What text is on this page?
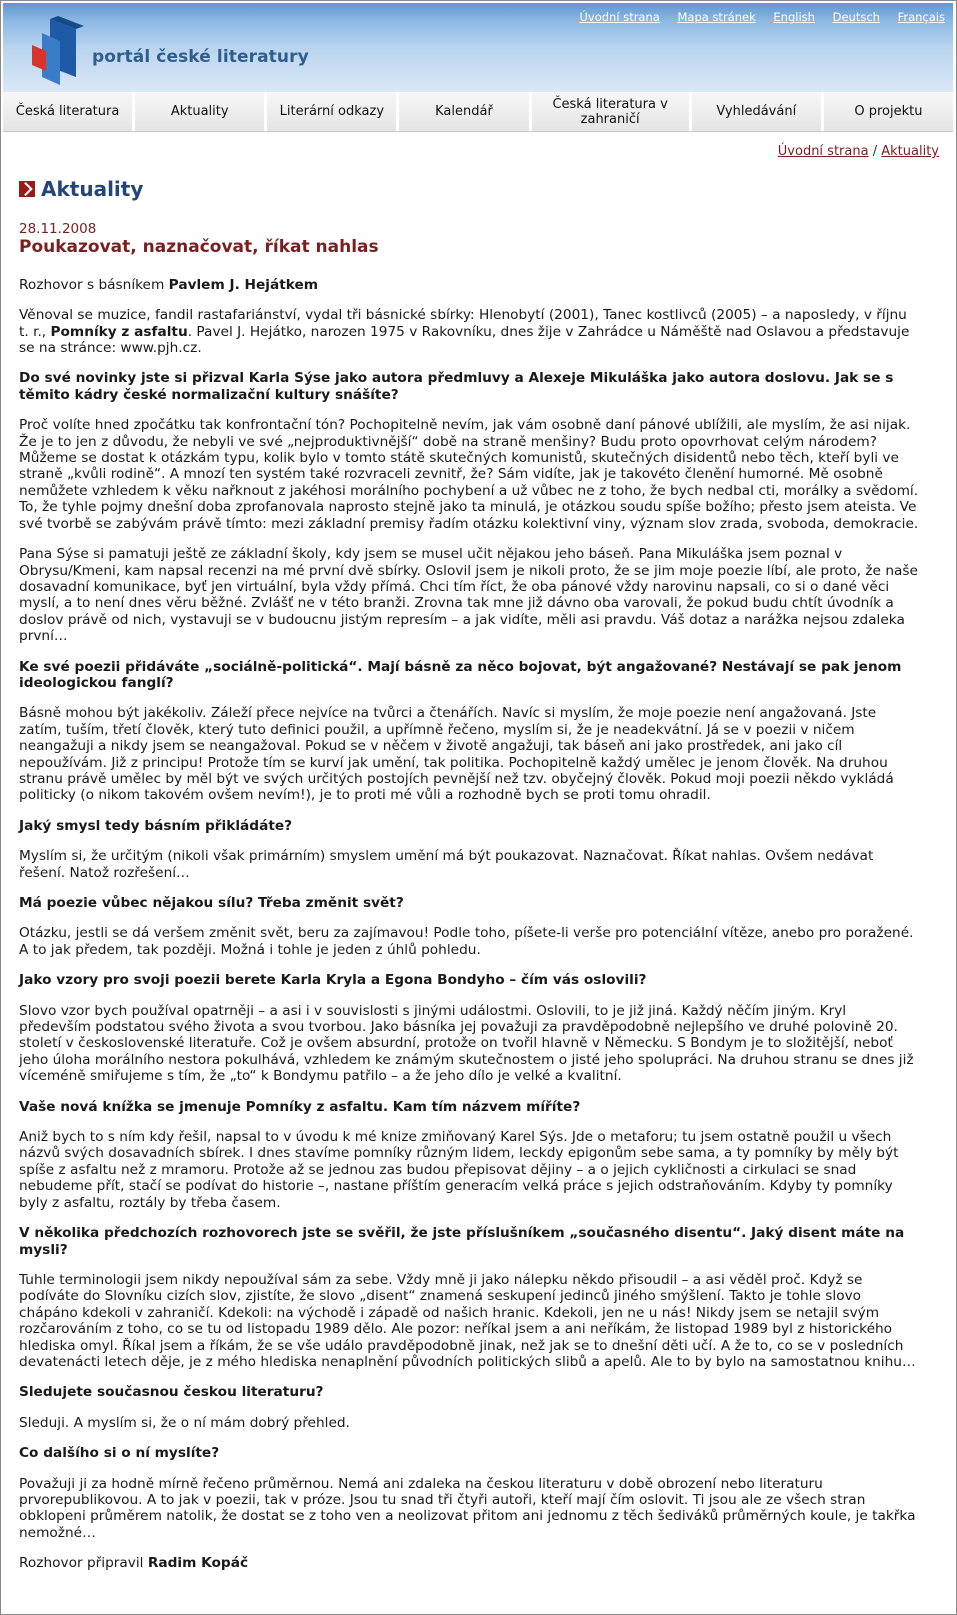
Úvodní strana Mapa stránek English Deutsch Français
portál české literatury
Česká literatura	Aktuality	Literární odkazy	Kalendář	Česká literatura v zahraničí	Vyhledávání	O projektu
Úvodní strana / Aktuality
Aktuality
28.11.2008
Poukazovat, naznačovat, říkat nahlas

Rozhovor s básníkem Pavlem J. Hejátkem

Věnoval se muzice, fandil rastafariánství, vydal tři básnické sbírky: Hlenobytí (2001), Tanec kostlivců (2005) – a naposledy, v říjnu t. r., Pomníky z asfaltu. Pavel J. Hejátko, narozen 1975 v Rakovníku, dnes žije v Zahrádce u Náměště nad Oslavou a představuje se na stránce: www.pjh.cz.

Do své novinky jste si přizval Karla Sýse jako autora předmluvy a Alexeje Mikuláška jako autora doslovu. Jak se s těmito kádry české normalizační kultury snášíte?

Proč volíte hned zpočátku tak konfrontační tón? Pochopitelně nevím, jak vám osobně daní pánové ublížili, ale myslím, že asi nijak. Že je to jen z důvodu, že nebyli ve své „nejproduktivnější“ době na straně menšiny? Budu proto opovrhovat celým národem? Můžeme se dostat k otázkám typu, kolik bylo v tomto státě skutečných komunistů, skutečných disidentů nebo těch, kteří byli ve straně „kvůli rodině“. A mnozí ten systém také rozvraceli zevnitř, že? Sám vidíte, jak je takovéto členění humorné. Mě osobně nemůžete vzhledem k věku nařknout z jakéhosi morálního pochybení a už vůbec ne z toho, že bych nedbal cti, morálky a svědomí. To, že tyhle pojmy dnešní doba zprofanovala naprosto stejně jako ta minulá, je otázkou soudu spíše božího; přesto jsem ateista. Ve své tvorbě se zabývám právě tímto: mezi základní premisy řadím otázku kolektivní viny, význam slov zrada, svoboda, demokracie.

Pana Sýse si pamatuji ještě ze základní školy, kdy jsem se musel učit nějakou jeho báseň. Pana Mikuláška jsem poznal v Obrysu/Kmeni, kam napsal recenzi na mé první dvě sbírky. Oslovil jsem je nikoli proto, že se jim moje poezie líbí, ale proto, že naše dosavadní komunikace, byť jen virtuální, byla vždy přímá. Chci tím říct, že oba pánové vždy narovinu napsali, co si o dané věci myslí, a to není dnes věru běžné. Zvlášť ne v této branži. Zrovna tak mne již dávno oba varovali, že pokud budu chtít úvodník a doslov právě od nich, vystavuji se v budoucnu jistým represím – a jak vidíte, měli asi pravdu. Váš dotaz a narážka nejsou zdaleka první…

Ke své poezii přidáváte „sociálně-politická“. Mají básně za něco bojovat, být angažované? Nestávají se pak jenom ideologickou fanglí?

Básně mohou být jakékoliv. Záleží přece nejvíce na tvůrci a čtenářích. Navíc si myslím, že moje poezie není angažovaná. Jste zatím, tuším, třetí člověk, který tuto definici použil, a upřímně řečeno, myslím si, že je neadekvátní. Já se v poezii v ničem neangažuji a nikdy jsem se neangažoval. Pokud se v něčem v životě angažuji, tak báseň ani jako prostředek, ani jako cíl nepoužívám. Již z principu! Protože tím se kurví jak umění, tak politika. Pochopitelně každý umělec je jenom člověk. Na druhou stranu právě umělec by měl být ve svých určitých postojích pevnější než tzv. obyčejný člověk. Pokud moji poezii někdo vykládá politicky (o nikom takovém ovšem nevím!), je to proti mé vůli a rozhodně bych se proti tomu ohradil.

Jaký smysl tedy básním přikládáte?

Myslím si, že určitým (nikoli však primárním) smyslem umění má být poukazovat. Naznačovat. Říkat nahlas. Ovšem nedávat řešení. Natož rozřešení…

Má poezie vůbec nějakou sílu? Třeba změnit svět?

Otázku, jestli se dá veršem změnit svět, beru za zajímavou! Podle toho, píšete-li verše pro potenciální vítěze, anebo pro poražené. A to jak předem, tak později. Možná i tohle je jeden z úhlů pohledu.

Jako vzory pro svoji poezii berete Karla Kryla a Egona Bondyho – čím vás oslovili?

Slovo vzor bych používal opatrněji – a asi i v souvislosti s jinými událostmi. Oslovili, to je již jiná. Každý něčím jiným. Kryl především podstatou svého života a svou tvorbou. Jako básníka jej považuji za pravděpodobně nejlepšího ve druhé polovině 20. století v československé literatuře. Což je ovšem absurdní, protože on tvořil hlavně v Německu. S Bondym je to složitější, neboť jeho úloha morálního nestora pokulhává, vzhledem ke známým skutečnostem o jisté jeho spolupráci. Na druhou stranu se dnes již víceméně smiřujeme s tím, že „to“ k Bondymu patřilo – a že jeho dílo je velké a kvalitní.

Vaše nová knížka se jmenuje Pomníky z asfaltu. Kam tím názvem míříte?

Aniž bych to s ním kdy řešil, napsal to v úvodu k mé knize zmiňovaný Karel Sýs. Jde o metaforu; tu jsem ostatně použil u všech názvů svých dosavadních sbírek. I dnes stavíme pomníky různým lidem, leckdy epigonům sebe sama, a ty pomníky by měly být spíše z asfaltu než z mramoru. Protože až se jednou zas budou přepisovat dějiny – a o jejich cykličnosti a cirkulaci se snad nebudeme přít, stačí se podívat do historie –, nastane příštím generacím velká práce s jejich odstraňováním. Kdyby ty pomníky byly z asfaltu, roztály by třeba časem.

V několika předchozích rozhovorech jste se svěřil, že jste příslušníkem „současného disentu“. Jaký disent máte na mysli?

Tuhle terminologii jsem nikdy nepoužíval sám za sebe. Vždy mně ji jako nálepku někdo přisoudil – a asi věděl proč. Když se podíváte do Slovníku cizích slov, zjistíte, že slovo „disent“ znamená seskupení jedinců jiného smýšlení. Takto je tohle slovo chápáno kdekoli v zahraničí. Kdekoli: na východě i západě od našich hranic. Kdekoli, jen ne u nás! Nikdy jsem se netajil svým rozčarováním z toho, co se tu od listopadu 1989 dělo. Ale pozor: neříkal jsem a ani neříkám, že listopad 1989 byl z historického hlediska omyl. Říkal jsem a říkám, že se vše událo pravděpodobně jinak, než jak se to dnešní děti učí. A že to, co se v posledních devatenácti letech děje, je z mého hlediska nenaplnění původních politických slibů a apelů. Ale to by bylo na samostatnou knihu…

Sledujete současnou českou literaturu?

Sleduji. A myslím si, že o ní mám dobrý přehled.

Co dalšího si o ní myslíte?

Považuji ji za hodně mírně řečeno průměrnou. Nemá ani zdaleka na českou literaturu v době obrození nebo literaturu prvorepublikovou. A to jak v poezii, tak v próze. Jsou tu snad tři čtyři autoři, kteří mají čím oslovit. Ti jsou ale ze všech stran obklopeni průměrem natolik, že dostat se z toho ven a neolizovat přitom ani jednomu z těch šediváků průměrných koule, je takřka nemožné…

Rozhovor připravil Radim Kopáč
